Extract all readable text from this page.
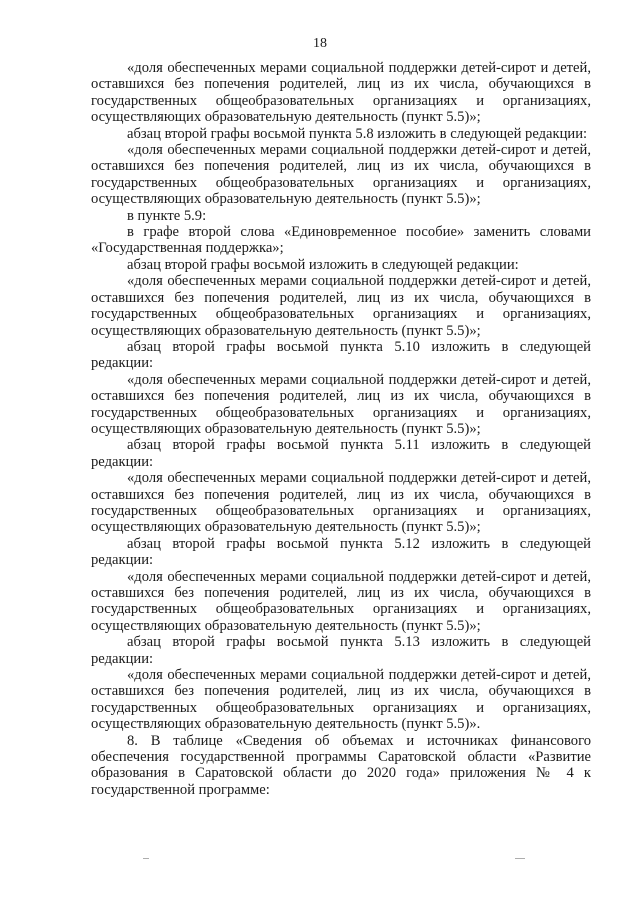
18

«доля обеспеченных мерами социальной поддержки детей-сирот и детей, оставшихся без попечения родителей, лиц из их числа, обучающихся в государственных общеобразовательных организациях и организациях, осуществляющих образовательную деятельность (пункт 5.5)»;

абзац второй графы восьмой пункта 5.8 изложить в следующей редакции:

«доля обеспеченных мерами социальной поддержки детей-сирот и детей, оставшихся без попечения родителей, лиц из их числа, обучающихся в государственных общеобразовательных организациях и организациях, осуществляющих образовательную деятельность (пункт 5.5)»;

в пункте 5.9:

в графе второй слова «Единовременное пособие» заменить словами «Государственная поддержка»;

абзац второй графы восьмой изложить в следующей редакции:

«доля обеспеченных мерами социальной поддержки детей-сирот и детей, оставшихся без попечения родителей, лиц из их числа, обучающихся в государственных общеобразовательных организациях и организациях, осуществляющих образовательную деятельность (пункт 5.5)»;

абзац второй графы восьмой пункта 5.10 изложить в следующей редакции:

«доля обеспеченных мерами социальной поддержки детей-сирот и детей, оставшихся без попечения родителей, лиц из их числа, обучающихся в государственных общеобразовательных организациях и организациях, осуществляющих образовательную деятельность (пункт 5.5)»;

абзац второй графы восьмой пункта 5.11 изложить в следующей редакции:

«доля обеспеченных мерами социальной поддержки детей-сирот и детей, оставшихся без попечения родителей, лиц из их числа, обучающихся в государственных общеобразовательных организациях и организациях, осуществляющих образовательную деятельность (пункт 5.5)»;

абзац второй графы восьмой пункта 5.12 изложить в следующей редакции:

«доля обеспеченных мерами социальной поддержки детей-сирот и детей, оставшихся без попечения родителей, лиц из их числа, обучающихся в государственных общеобразовательных организациях и организациях, осуществляющих образовательную деятельность (пункт 5.5)»;

абзац второй графы восьмой пункта 5.13 изложить в следующей редакции:

«доля обеспеченных мерами социальной поддержки детей-сирот и детей, оставшихся без попечения родителей, лиц из их числа, обучающихся в государственных общеобразовательных организациях и организациях, осуществляющих образовательную деятельность (пункт 5.5)».

8. В таблице «Сведения об объемах и источниках финансового обеспечения государственной программы Саратовской области «Развитие образования в Саратовской области до 2020 года» приложения № 4 к государственной программе:
